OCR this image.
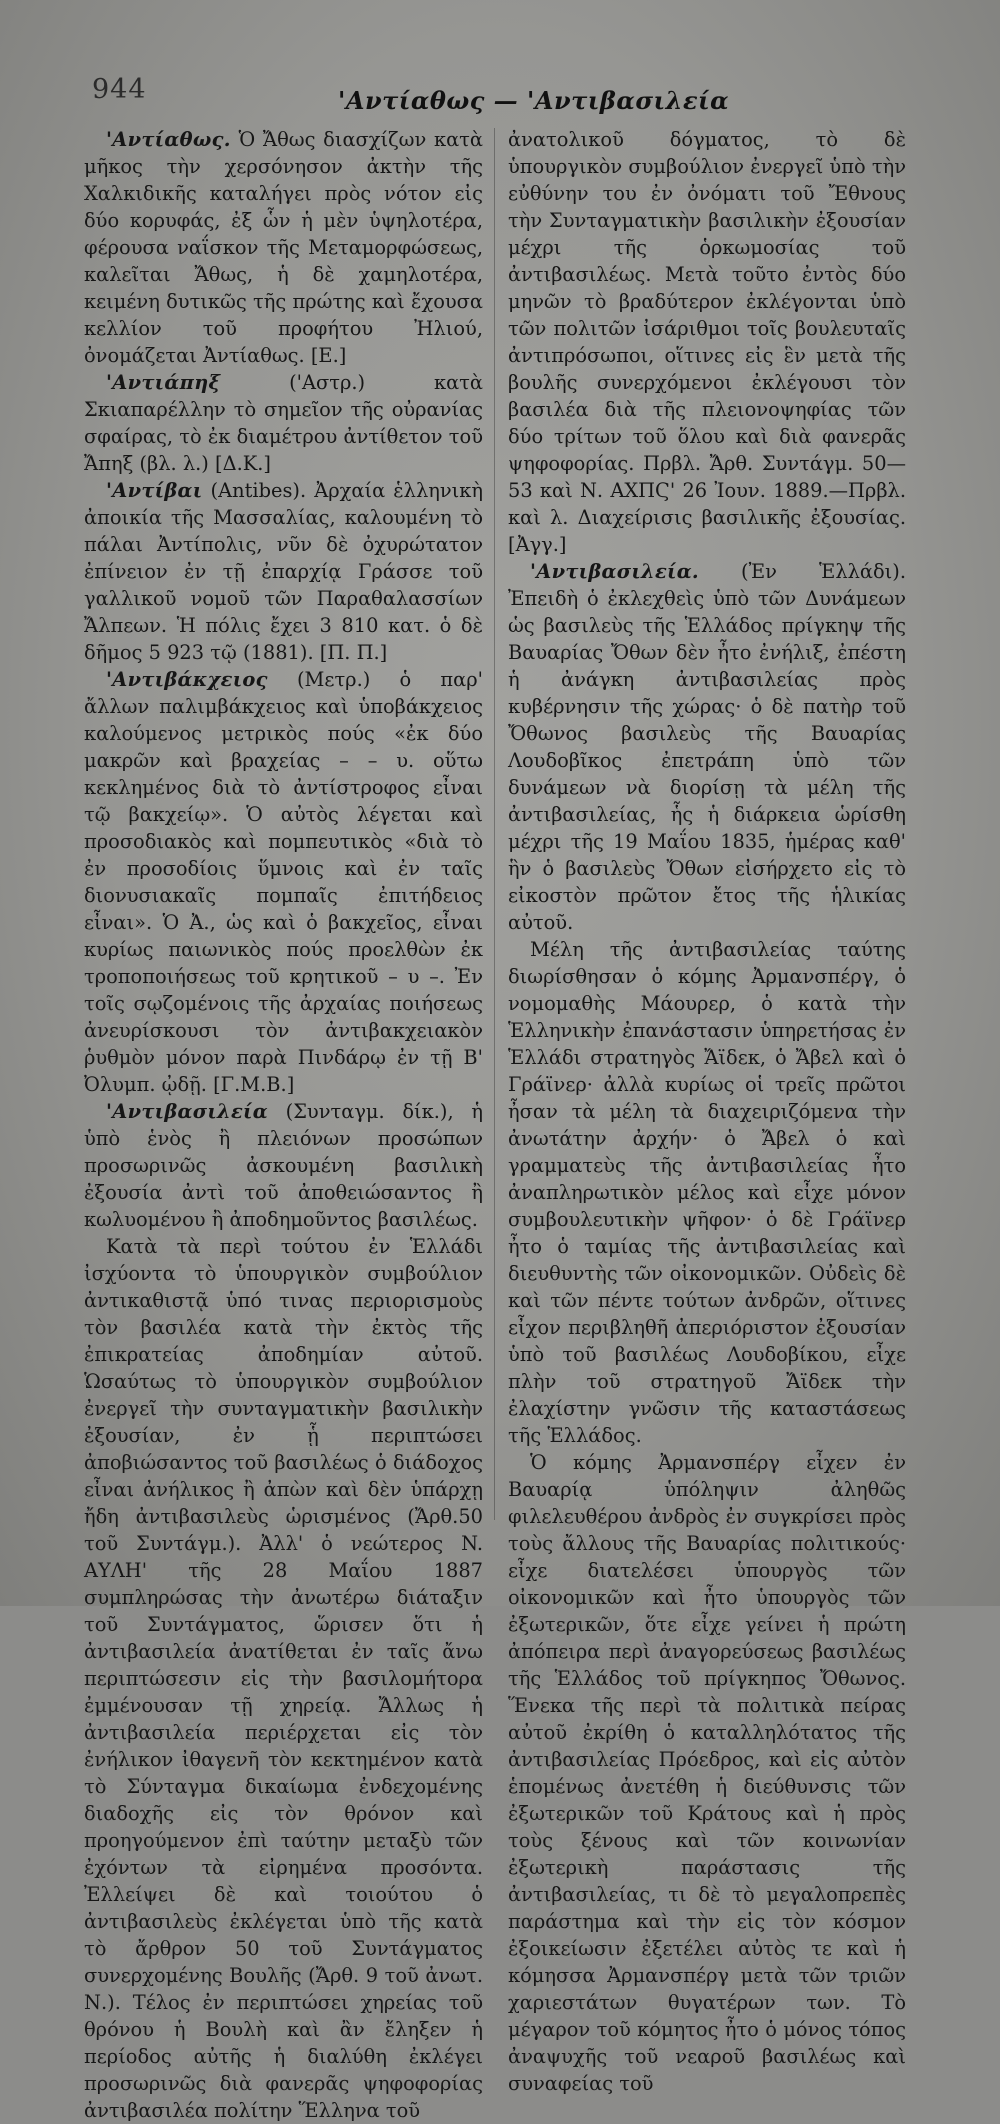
944	'Αντίαθως — 'Αντιβασιλεία

'Αντίαθως. Ὁ Ἄθως διασχίζων κατὰ μῆκος τὴν χερσόνησον ἀκτὴν τῆς Χαλκιδικῆς καταλήγει πρὸς νότον εἰς δύο κορυφάς, ἐξ ὧν ἡ μὲν ὑψηλοτέρα, φέρουσα ναΐσκον τῆς Μεταμορφώσεως, καλεῖται Ἄθως, ἡ δὲ χαμηλοτέρα, κειμένη δυτικῶς τῆς πρώτης καὶ ἔχουσα κελλίον τοῦ προφήτου Ἠλιού, ὀνομάζεται Ἀντίαθως. [Ε.]

'Αντιάπηξ ('Αστρ.) κατὰ Σκιαπαρέλλην τὸ σημεῖον τῆς οὐρανίας σφαίρας, τὸ ἐκ διαμέτρου ἀντίθετον τοῦ Ἄπηξ (βλ. λ.) [Δ.Κ.]

'Αντίβαι (Antibes). Ἀρχαία ἑλληνικὴ ἀποικία τῆς Μασσαλίας, καλουμένη τὸ πάλαι Ἀντίπολις, νῦν δὲ ὀχυρώτατον ἐπίνειον ἐν τῇ ἐπαρχίᾳ Γράσσε τοῦ γαλλικοῦ νομοῦ τῶν Παραθαλασσίων Ἄλπεων. Ἡ πόλις ἔχει 3 810 κατ. ὁ δὲ δῆμος 5 923 τῷ (1881). [Π. Π.]

'Αντιβάκχειος (Μετρ.) ὁ παρ' ἄλλων παλιμβάκχειος καὶ ὑποβάκχειος καλούμενος μετρικὸς πούς «ἐκ δύο μακρῶν καὶ βραχείας – – υ. οὕτω κεκλημένος διὰ τὸ ἀντίστροφος εἶναι τῷ βακχείῳ». Ὁ αὐτὸς λέγεται καὶ προσοδιακὸς καὶ πομπευτικὸς «διὰ τὸ ἐν προσοδίοις ὕμνοις καὶ ἐν ταῖς διονυσιακαῖς πομπαῖς ἐπιτήδειος εἶναι». Ὁ Ἀ., ὡς καὶ ὁ βακχεῖος, εἶναι κυρίως παιωνικὸς πούς προελθὼν ἐκ τροποποιήσεως τοῦ κρητικοῦ – υ –. Ἐν τοῖς σῳζομένοις τῆς ἀρχαίας ποιήσεως ἀνευρίσκουσι τὸν ἀντιβακχειακὸν ῥυθμὸν μόνον παρὰ Πινδάρῳ ἐν τῇ Β' Ὀλυμπ. ᾠδῇ. [Γ.Μ.Β.]

'Αντιβασιλεία (Συνταγμ. δίκ.), ἡ ὑπὸ ἑνὸς ἢ πλειόνων προσώπων προσωρινῶς ἀσκουμένη βασιλικὴ ἐξουσία ἀντὶ τοῦ ἀποθειώσαντος ἢ κωλυομένου ἢ ἀποδημοῦντος βασιλέως.

Κατὰ τὰ περὶ τούτου ἐν Ἑλλάδι ἰσχύοντα τὸ ὑπουργικὸν συμβούλιον ἀντικαθιστᾷ ὑπό τινας περιορισμοὺς τὸν βασιλέα κατὰ τὴν ἐκτὸς τῆς ἐπικρατείας ἀποδημίαν αὐτοῦ. Ὡσαύτως τὸ ὑπουργικὸν συμβούλιον ἐνεργεῖ τὴν συνταγματικὴν βασιλικὴν ἐξουσίαν, ἐν ᾗ περιπτώσει ἀποβιώσαντος τοῦ βασιλέως ὁ διάδοχος εἶναι ἀνήλικος ἢ ἀπὼν καὶ δὲν ὑπάρχῃ ἤδη ἀντιβασιλεὺς ὡρισμένος (Ἄρθ.50 τοῦ Συντάγμ.). Ἀλλ' ὁ νεώτερος N. ΑΥΛΗ' τῆς 28 Μαΐου 1887 συμπληρώσας τὴν ἀνωτέρω διάταξιν τοῦ Συντάγματος, ὥρισεν ὅτι ἡ ἀντιβασιλεία ἀνατίθεται ἐν ταῖς ἄνω περιπτώσεσιν εἰς τὴν βασιλομήτορα ἐμμένουσαν τῇ χηρείᾳ. Ἄλλως ἡ ἀντιβασιλεία περιέρχεται εἰς τὸν ἐνήλικον ἰθαγενῆ τὸν κεκτημένον κατὰ τὸ Σύνταγμα δικαίωμα ἐνδεχομένης διαδοχῆς εἰς τὸν θρόνον καὶ προηγούμενον ἐπὶ ταύτην μεταξὺ τῶν ἐχόντων τὰ εἰρημένα προσόντα. Ἐλλείψει δὲ καὶ τοιούτου ὁ ἀντιβασιλεὺς ἐκλέγεται ὑπὸ τῆς κατὰ τὸ ἄρθρον 50 τοῦ Συντάγματος συνερχομένης Βουλῆς (Ἄρθ. 9 τοῦ ἀνωτ. Ν.). Τέλος ἐν περιπτώσει χηρείας τοῦ θρόνου ἡ Βουλὴ καὶ ἂν ἔληξεν ἡ περίοδος αὐτῆς ἡ διαλύθη ἐκλέγει προσωρινῶς διὰ φανερᾶς ψηφοφορίας ἀντιβασιλέα πολίτην Ἕλληνα τοῦ

ἀνατολικοῦ δόγματος, τὸ δὲ ὑπουργικὸν συμβούλιον ἐνεργεῖ ὑπὸ τὴν εὐθύνην του ἐν ὀνόματι τοῦ Ἔθνους τὴν Συνταγματικὴν βασιλικὴν ἐξουσίαν μέχρι τῆς ὁρκωμοσίας τοῦ ἀντιβασιλέως. Μετὰ τοῦτο ἐντὸς δύο μηνῶν τὸ βραδύτερον ἐκλέγονται ὑπὸ τῶν πολιτῶν ἰσάριθμοι τοῖς βουλευταῖς ἀντιπρόσωποι, οἵτινες εἰς ἓν μετὰ τῆς βουλῆς συνερχόμενοι ἐκλέγουσι τὸν βασιλέα διὰ τῆς πλειονοψηφίας τῶν δύο τρίτων τοῦ ὅλου καὶ διὰ φανερᾶς ψηφοφορίας. Πρβλ. Ἄρθ. Συντάγμ. 50—53 καὶ Ν. ΑΧΠϚ' 26 Ἰουν. 1889.—Πρβλ. καὶ λ. Διαχείρισις βασιλικῆς ἐξουσίας. [Ἀγγ.]

'Αντιβασιλεία. (Ἐν Ἑλλάδι). Ἐπειδὴ ὁ ἐκλεχθεὶς ὑπὸ τῶν Δυνάμεων ὡς βασιλεὺς τῆς Ἑλλάδος πρίγκηψ τῆς Βαυαρίας Ὄθων δὲν ἦτο ἐνήλιξ, ἐπέστη ἡ ἀνάγκη ἀντιβασιλείας πρὸς κυβέρνησιν τῆς χώρας· ὁ δὲ πατὴρ τοῦ Ὄθωνος βασιλεὺς τῆς Βαυαρίας Λουδοβῖκος ἐπετράπη ὑπὸ τῶν δυνάμεων νὰ διορίσῃ τὰ μέλη τῆς ἀντιβασιλείας, ἧς ἡ διάρκεια ὡρίσθη μέχρι τῆς 19 Μαΐου 1835, ἡμέρας καθ' ἣν ὁ βασιλεὺς Ὄθων εἰσήρχετο εἰς τὸ εἰκοστὸν πρῶτον ἔτος τῆς ἡλικίας αὐτοῦ.

Μέλη τῆς ἀντιβασιλείας ταύτης διωρίσθησαν ὁ κόμης Ἀρμανσπέργ, ὁ νομομαθὴς Μάουρερ, ὁ κατὰ τὴν Ἑλληνικὴν ἐπανάστασιν ὑπηρετήσας ἐν Ἑλλάδι στρατηγὸς Ἄϊδεκ, ὁ Ἄβελ καὶ ὁ Γράϊνερ· ἀλλὰ κυρίως οἱ τρεῖς πρῶτοι ἦσαν τὰ μέλη τὰ διαχειριζόμενα τὴν ἀνωτάτην ἀρχήν· ὁ Ἄβελ ὁ καὶ γραμματεὺς τῆς ἀντιβασιλείας ἦτο ἀναπληρωτικὸν μέλος καὶ εἶχε μόνον συμβουλευτικὴν ψῆφον· ὁ δὲ Γράϊνερ ἦτο ὁ ταμίας τῆς ἀντιβασιλείας καὶ διευθυντὴς τῶν οἰκονομικῶν. Οὐδεὶς δὲ καὶ τῶν πέντε τούτων ἀνδρῶν, οἵτινες εἶχον περιβληθῆ ἀπεριόριστον ἐξουσίαν ὑπὸ τοῦ βασιλέως Λουδοβίκου, εἶχε πλὴν τοῦ στρατηγοῦ Ἄϊδεκ τὴν ἐλαχίστην γνῶσιν τῆς καταστάσεως τῆς Ἑλλάδος.

Ὁ κόμης Ἀρμανσπέργ εἶχεν ἐν Βαυαρίᾳ ὑπόληψιν ἀληθῶς φιλελευθέρου ἀνδρὸς ἐν συγκρίσει πρὸς τοὺς ἄλλους τῆς Βαυαρίας πολιτικούς· εἶχε διατελέσει ὑπουργὸς τῶν οἰκονομικῶν καὶ ἦτο ὑπουργὸς τῶν ἐξωτερικῶν, ὅτε εἶχε γείνει ἡ πρώτη ἀπόπειρα περὶ ἀναγορεύσεως βασιλέως τῆς Ἑλλάδος τοῦ πρίγκηπος Ὄθωνος. Ἕνεκα τῆς περὶ τὰ πολιτικὰ πείρας αὐτοῦ ἐκρίθη ὁ καταλληλότατος τῆς ἀντιβασιλείας Πρόεδρος, καὶ εἰς αὐτὸν ἑπομένως ἀνετέθη ἡ διεύθυνσις τῶν ἐξωτερικῶν τοῦ Κράτους καὶ ἡ πρὸς τοὺς ξένους καὶ τῶν κοινωνίαν ἐξωτερικὴ παράστασις τῆς ἀντιβασιλείας, τι δὲ τὸ μεγαλοπρεπὲς παράστημα καὶ τὴν εἰς τὸν κόσμον ἐξοικείωσιν ἐξετέλει αὐτὸς τε καὶ ἡ κόμησσα Ἀρμανσπέργ μετὰ τῶν τριῶν χαριεστάτων θυγατέρων των. Τὸ μέγαρον τοῦ κόμητος ἦτο ὁ μόνος τόπος ἀναψυχῆς τοῦ νεαροῦ βασιλέως καὶ συναφείας τοῦ
